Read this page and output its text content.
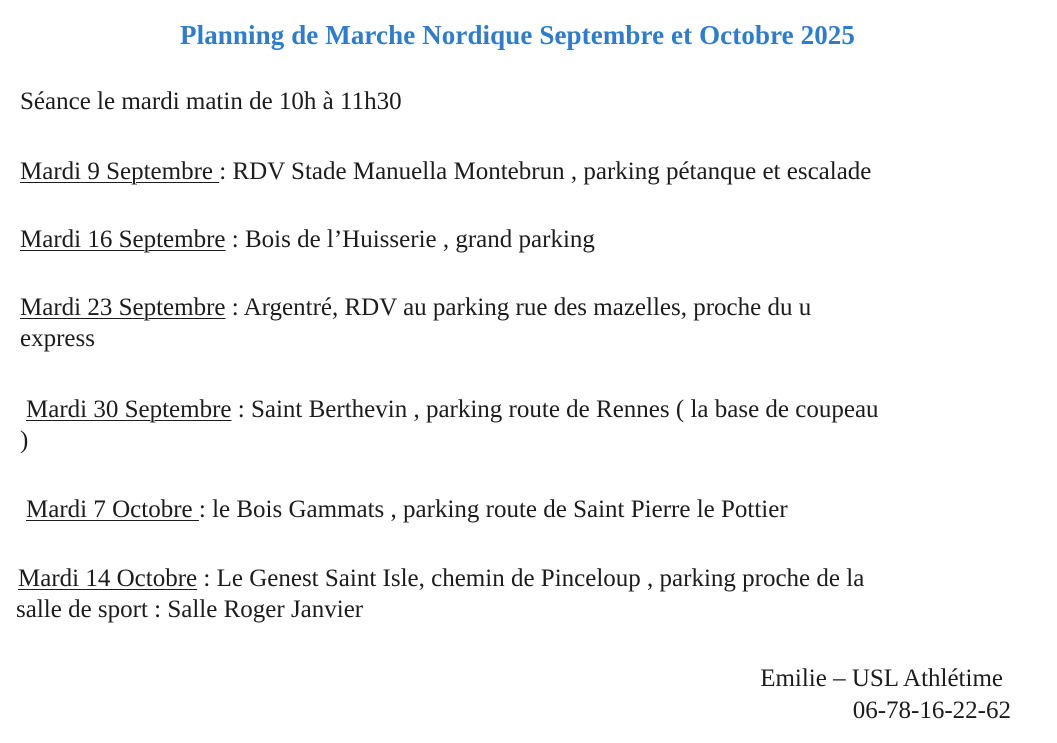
Planning de Marche Nordique Septembre et Octobre 2025
Séance le mardi matin de 10h à 11h30
Mardi 9 Septembre : RDV Stade Manuella Montebrun , parking pétanque et escalade
Mardi 16 Septembre : Bois de l’Huisserie , grand parking
Mardi 23 Septembre : Argentré, RDV au parking rue des mazelles, proche du u
express
Mardi 30 Septembre : Saint Berthevin , parking route de Rennes ( la base de coupeau
)
Mardi 7 Octobre : le Bois Gammats , parking route de Saint Pierre le Pottier
Mardi 14 Octobre : Le Genest Saint Isle, chemin de Pinceloup , parking proche de la
salle de sport : Salle Roger Janvier
Emilie – USL Athlétime
06-78-16-22-62
